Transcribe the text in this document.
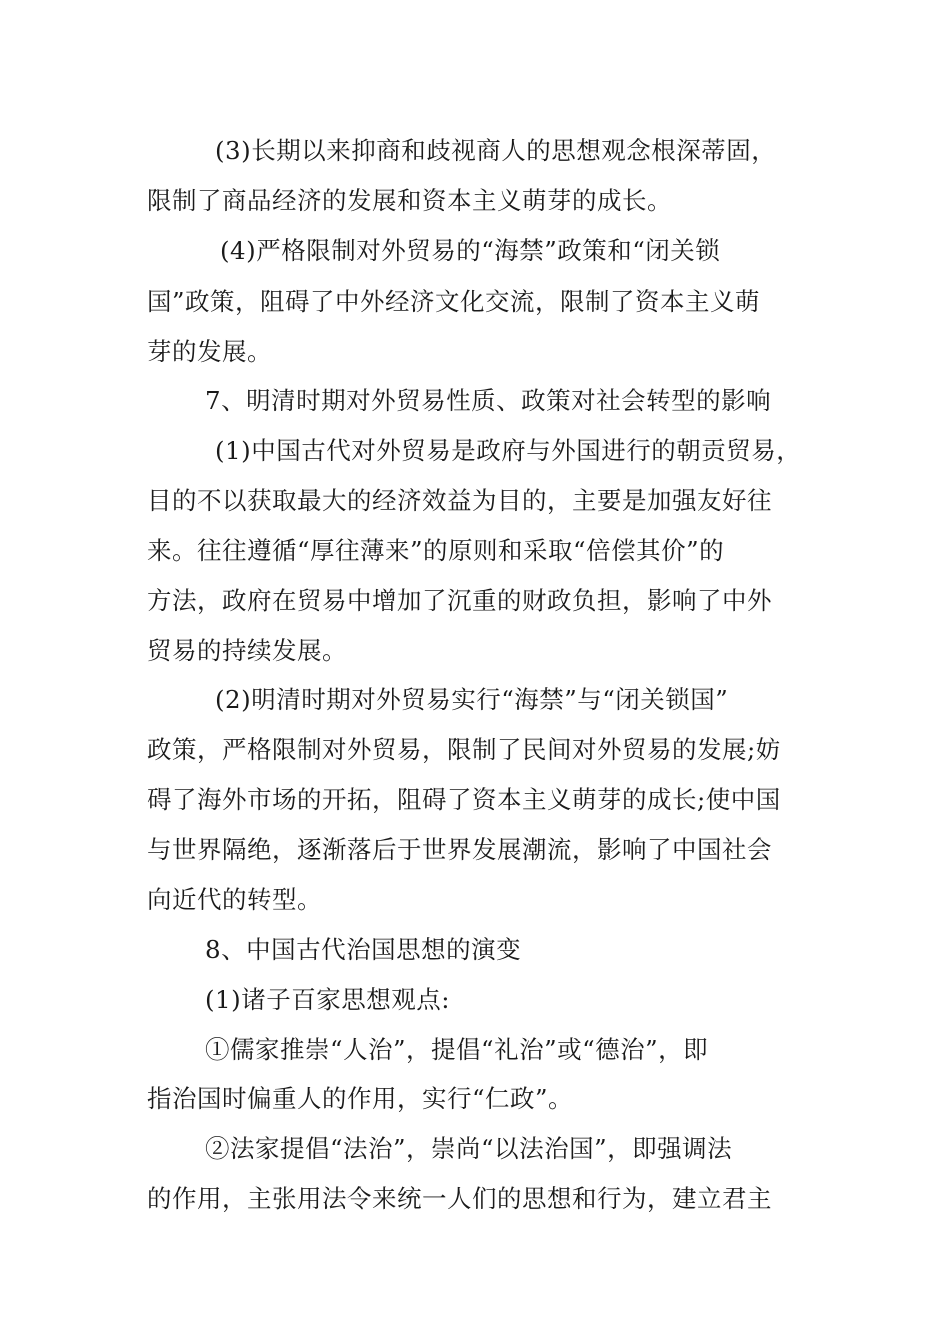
(3)长期以来抑商和歧视商人的思想观念根深蒂固，
限制了商品经济的发展和资本主义萌芽的成长。
(4)严格限制对外贸易的“海禁”政策和“闭关锁
国”政策，阻碍了中外经济文化交流，限制了资本主义萌
芽的发展。
7、明清时期对外贸易性质、政策对社会转型的影响
(1)中国古代对外贸易是政府与外国进行的朝贡贸易，
目的不以获取最大的经济效益为目的，主要是加强友好往
来。往往遵循“厚往薄来”的原则和采取“倍偿其价”的
方法，政府在贸易中增加了沉重的财政负担，影响了中外
贸易的持续发展。
(2)明清时期对外贸易实行“海禁”与“闭关锁国”
政策，严格限制对外贸易，限制了民间对外贸易的发展;妨
碍了海外市场的开拓，阻碍了资本主义萌芽的成长;使中国
与世界隔绝，逐渐落后于世界发展潮流，影响了中国社会
向近代的转型。
8、中国古代治国思想的演变
(1)诸子百家思想观点:
①儒家推崇“人治”，提倡“礼治”或“德治”，即
指治国时偏重人的作用，实行“仁政”。
②法家提倡“法治”，崇尚“以法治国”，即强调法
的作用，主张用法令来统一人们的思想和行为，建立君主
